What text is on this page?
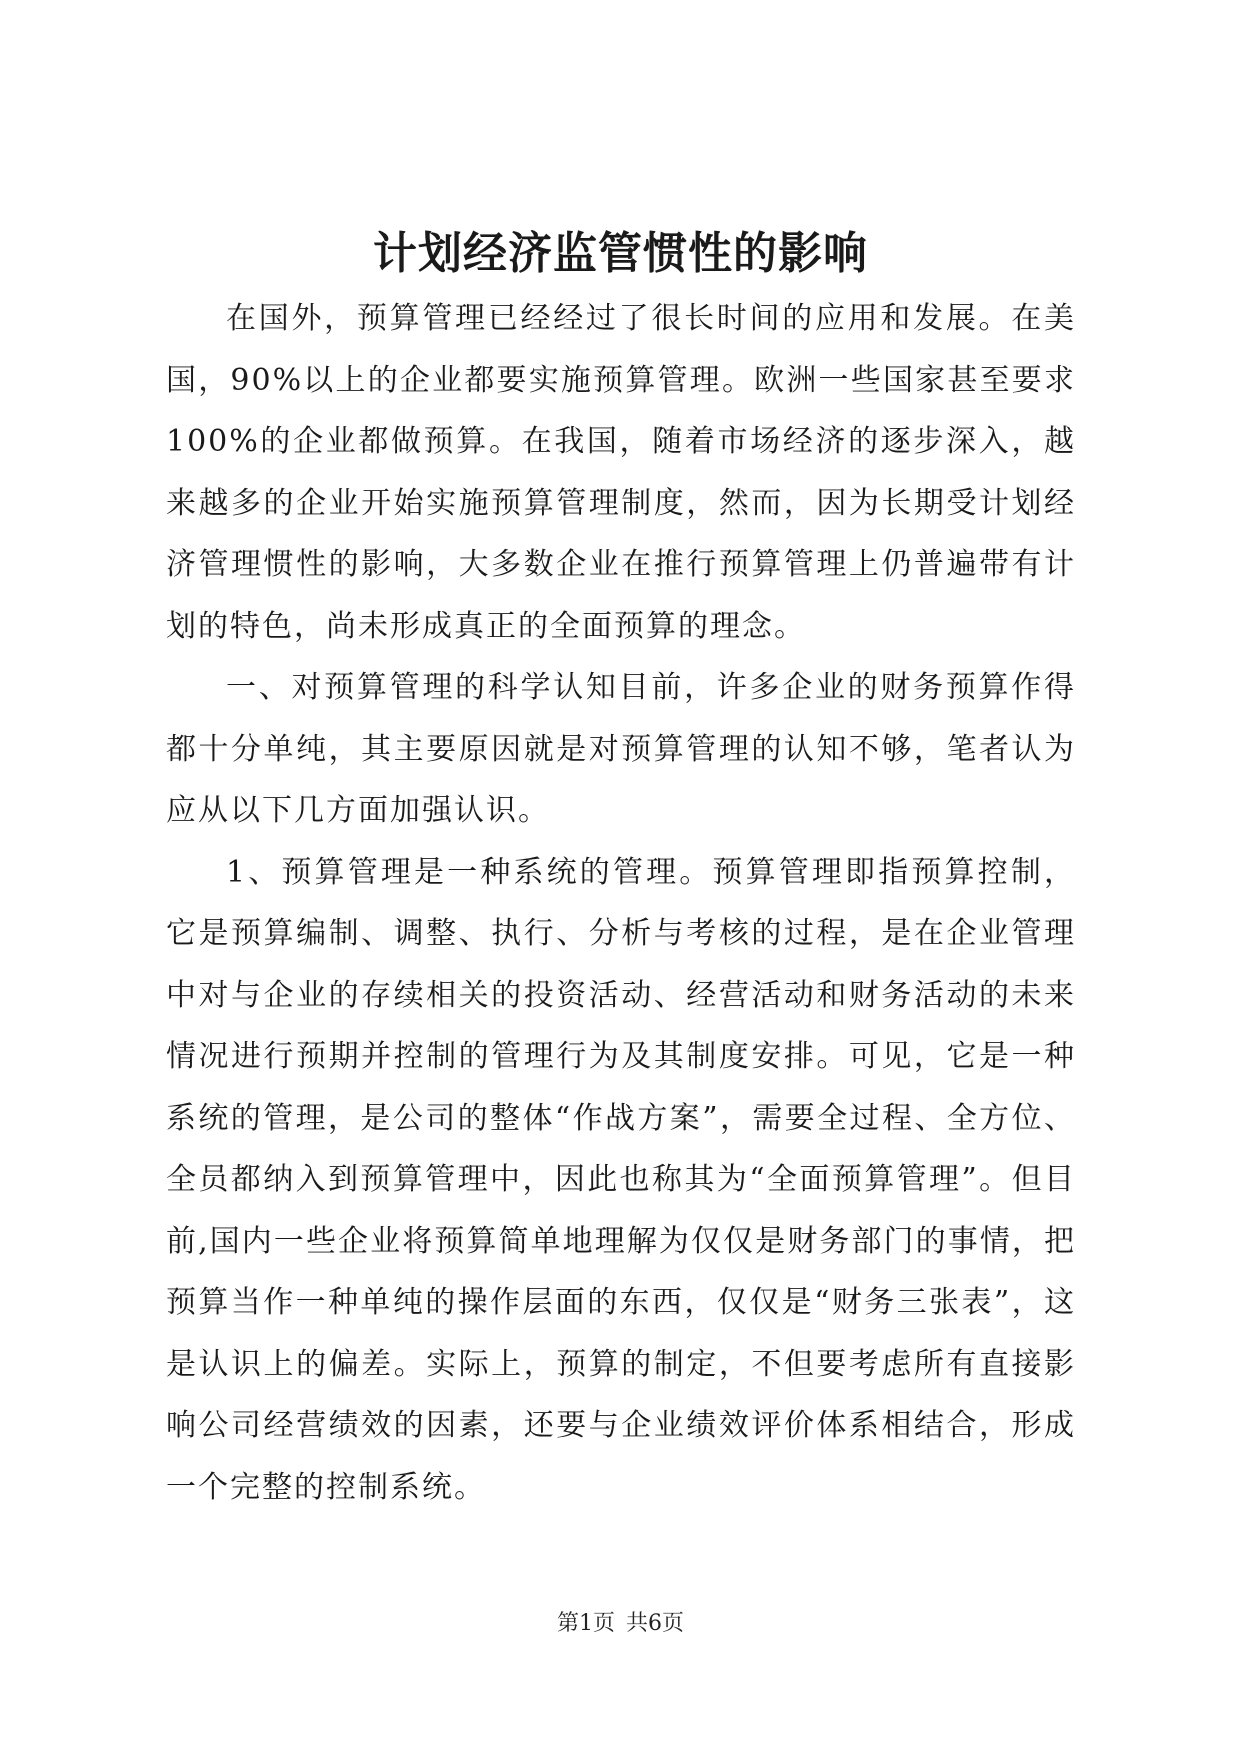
计划经济监管惯性的影响

在国外，预算管理已经经过了很长时间的应用和发展。在美国，90%以上的企业都要实施预算管理。欧洲一些国家甚至要求100%的企业都做预算。在我国，随着市场经济的逐步深入，越来越多的企业开始实施预算管理制度，然而，因为长期受计划经济管理惯性的影响，大多数企业在推行预算管理上仍普遍带有计划的特色，尚未形成真正的全面预算的理念。

一、对预算管理的科学认知目前，许多企业的财务预算作得都十分单纯，其主要原因就是对预算管理的认知不够，笔者认为应从以下几方面加强认识。

1、预算管理是一种系统的管理。预算管理即指预算控制，它是预算编制、调整、执行、分析与考核的过程，是在企业管理中对与企业的存续相关的投资活动、经营活动和财务活动的未来情况进行预期并控制的管理行为及其制度安排。可见，它是一种系统的管理，是公司的整体“作战方案”，需要全过程、全方位、全员都纳入到预算管理中，因此也称其为“全面预算管理”。但目前,国内一些企业将预算简单地理解为仅仅是财务部门的事情，把预算当作一种单纯的操作层面的东西，仅仅是“财务三张表”，这是认识上的偏差。实际上，预算的制定，不但要考虑所有直接影响公司经营绩效的因素，还要与企业绩效评价体系相结合，形成一个完整的控制系统。

第1页 共6页
